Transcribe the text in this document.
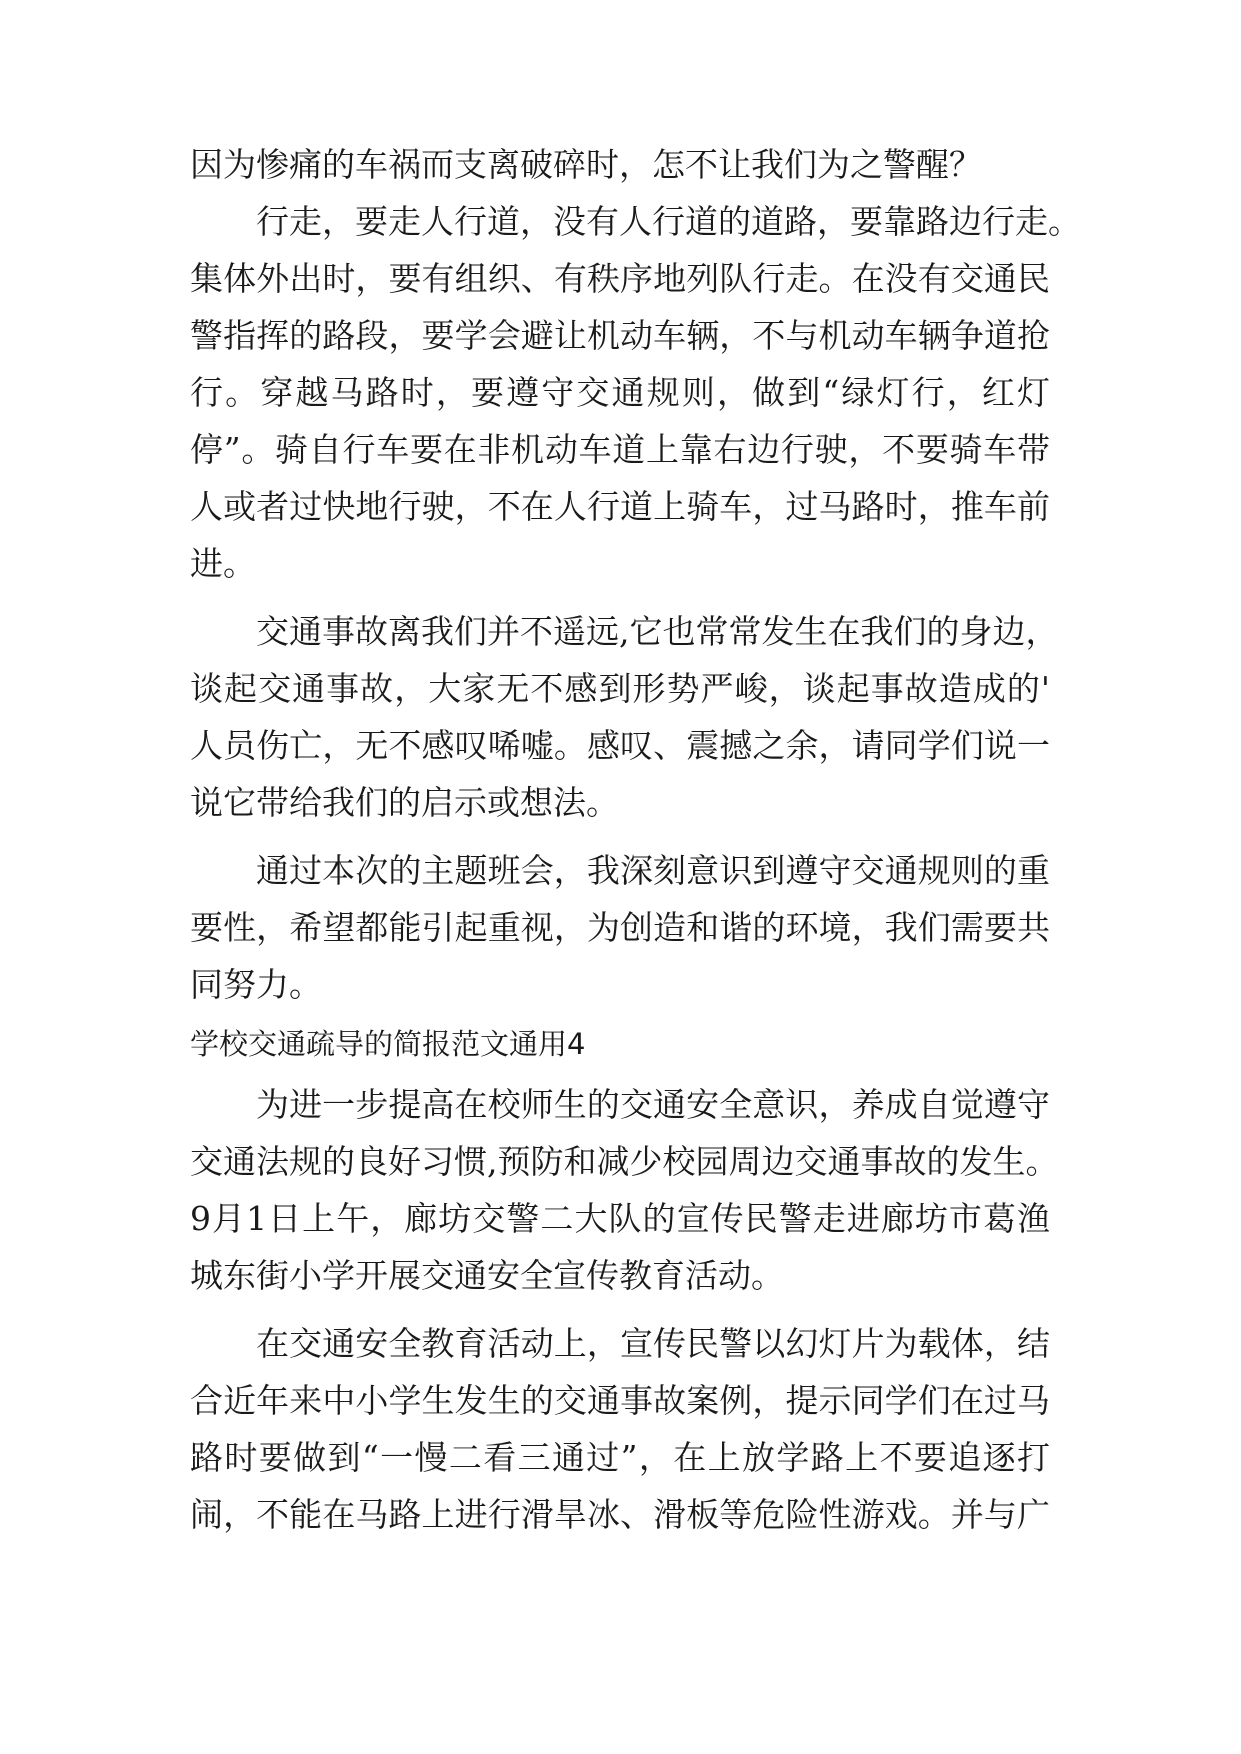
因为惨痛的车祸而支离破碎时，怎不让我们为之警醒？
行走，要走人行道，没有人行道的道路，要靠路边行走。
集体外出时，要有组织、有秩序地列队行走。在没有交通民
警指挥的路段，要学会避让机动车辆，不与机动车辆争道抢
行。穿越马路时，要遵守交通规则，做到“绿灯行，红灯
停”。骑自行车要在非机动车道上靠右边行驶，不要骑车带
人或者过快地行驶，不在人行道上骑车，过马路时，推车前
进。
交通事故离我们并不遥远,它也常常发生在我们的身边，
谈起交通事故，大家无不感到形势严峻，谈起事故造成的'
人员伤亡，无不感叹唏嘘。感叹、震撼之余，请同学们说一
说它带给我们的启示或想法。
通过本次的主题班会，我深刻意识到遵守交通规则的重
要性，希望都能引起重视，为创造和谐的环境，我们需要共
同努力。
学校交通疏导的简报范文通用4
为进一步提高在校师生的交通安全意识，养成自觉遵守
交通法规的良好习惯,预防和减少校园周边交通事故的发生。
9月1日上午，廊坊交警二大队的宣传民警走进廊坊市葛渔
城东街小学开展交通安全宣传教育活动。
在交通安全教育活动上，宣传民警以幻灯片为载体，结
合近年来中小学生发生的交通事故案例，提示同学们在过马
路时要做到“一慢二看三通过”，在上放学路上不要追逐打
闹，不能在马路上进行滑旱冰、滑板等危险性游戏。并与广
